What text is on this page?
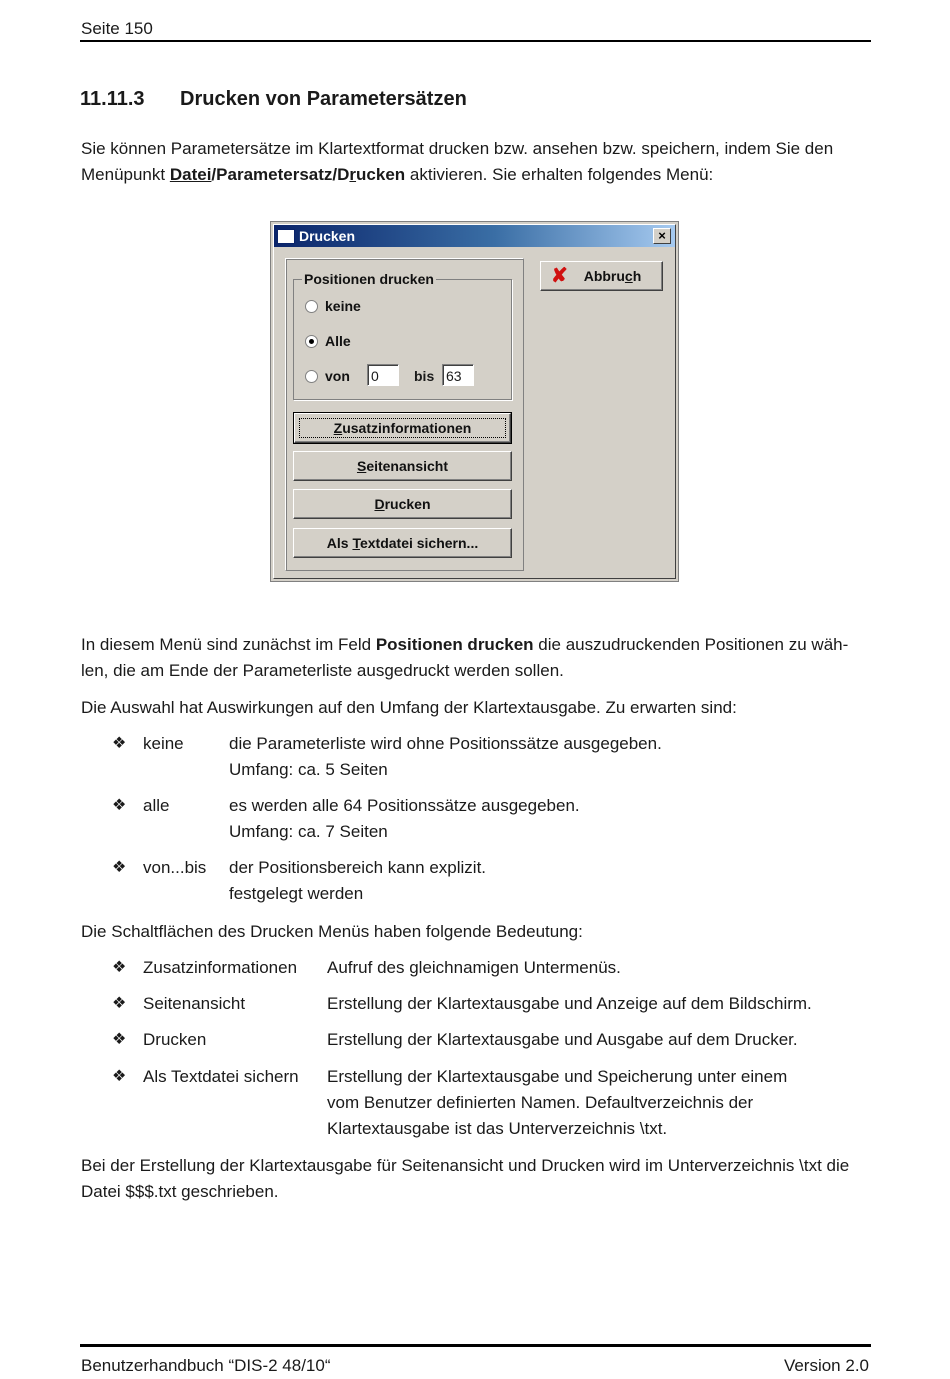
Seite 150
11.11.3 Drucken von Parametersätzen

Sie können Parametersätze im Klartextformat drucken bzw. ansehen bzw. speichern, indem Sie den
Menüpunkt Datei/Parametersatz/Drucken aktivieren. Sie erhalten folgendes Menü:

Drucken	×
Positionen drucken
keine
Alle
von 0	bis 63
Zusatzinformationen
Seitenansicht
Drucken
Als Textdatei sichern...
✘ Abbruch

In diesem Menü sind zunächst im Feld Positionen drucken die auszudruckenden Positionen zu wäh-
len, die am Ende der Parameterliste ausgedruckt werden sollen.

Die Auswahl hat Auswirkungen auf den Umfang der Klartextausgabe. Zu erwarten sind:

❖ keine	die Parameterliste wird ohne Positionssätze ausgegeben.
Umfang: ca. 5 Seiten
❖ alle	es werden alle 64 Positionssätze ausgegeben.
Umfang: ca. 7 Seiten
❖ von...bis der Positionsbereich kann explizit.
festgelegt werden

Die Schaltflächen des Drucken Menüs haben folgende Bedeutung:

❖ Zusatzinformationen Aufruf des gleichnamigen Untermenüs.
❖ Seitenansicht	Erstellung der Klartextausgabe und Anzeige auf dem Bildschirm.
❖ Drucken	Erstellung der Klartextausgabe und Ausgabe auf dem Drucker.
❖ Als Textdatei sichern Erstellung der Klartextausgabe und Speicherung unter einem
vom Benutzer definierten Namen. Defaultverzeichnis der
Klartextausgabe ist das Unterverzeichnis \txt.

Bei der Erstellung der Klartextausgabe für Seitenansicht und Drucken wird im Unterverzeichnis \txt die
Datei $$$.txt geschrieben.

Benutzerhandbuch “DIS-2 48/10“	Version 2.0
